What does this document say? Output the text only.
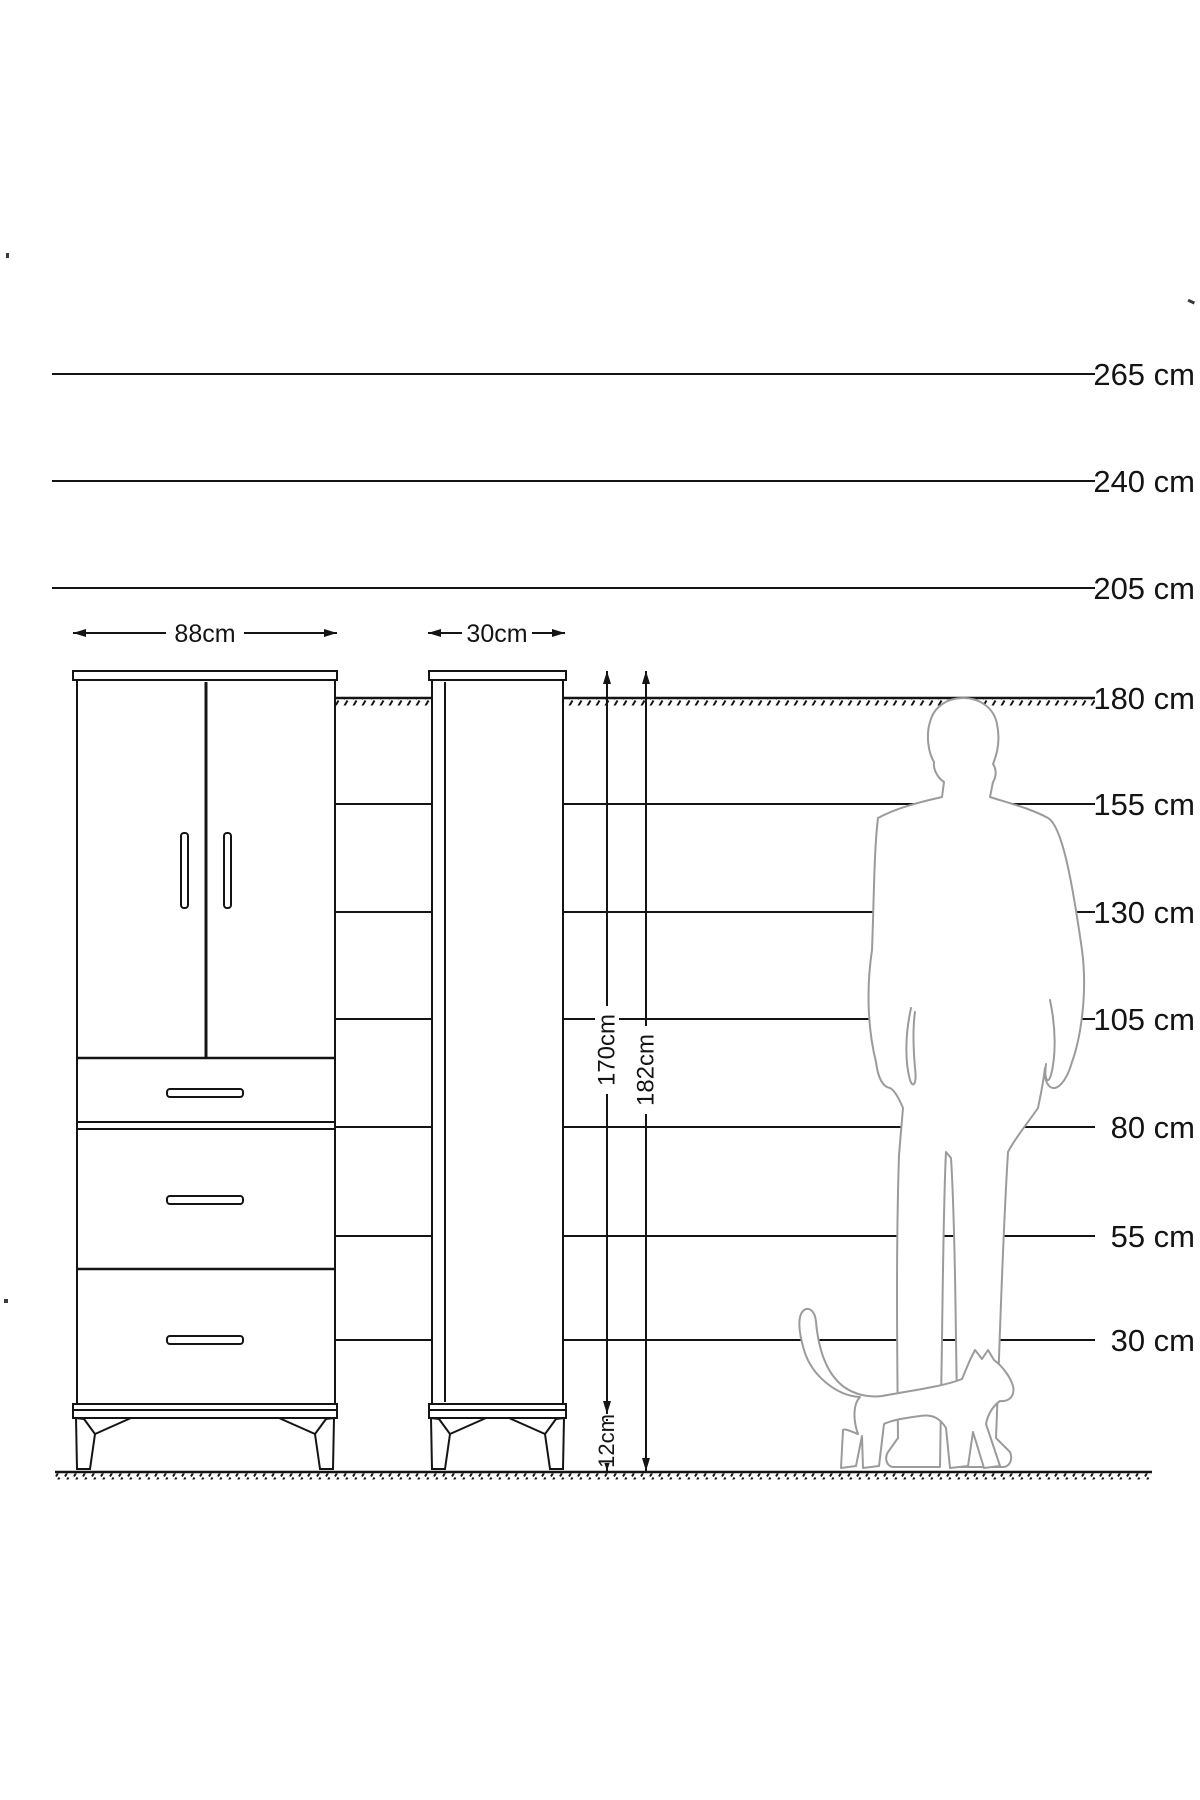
265 cm
240 cm
205 cm
180 cm
155 cm
130 cm
105 cm
80 cm
55 cm
30 cm
88cm	30cm
170cm
12cm
182cm
